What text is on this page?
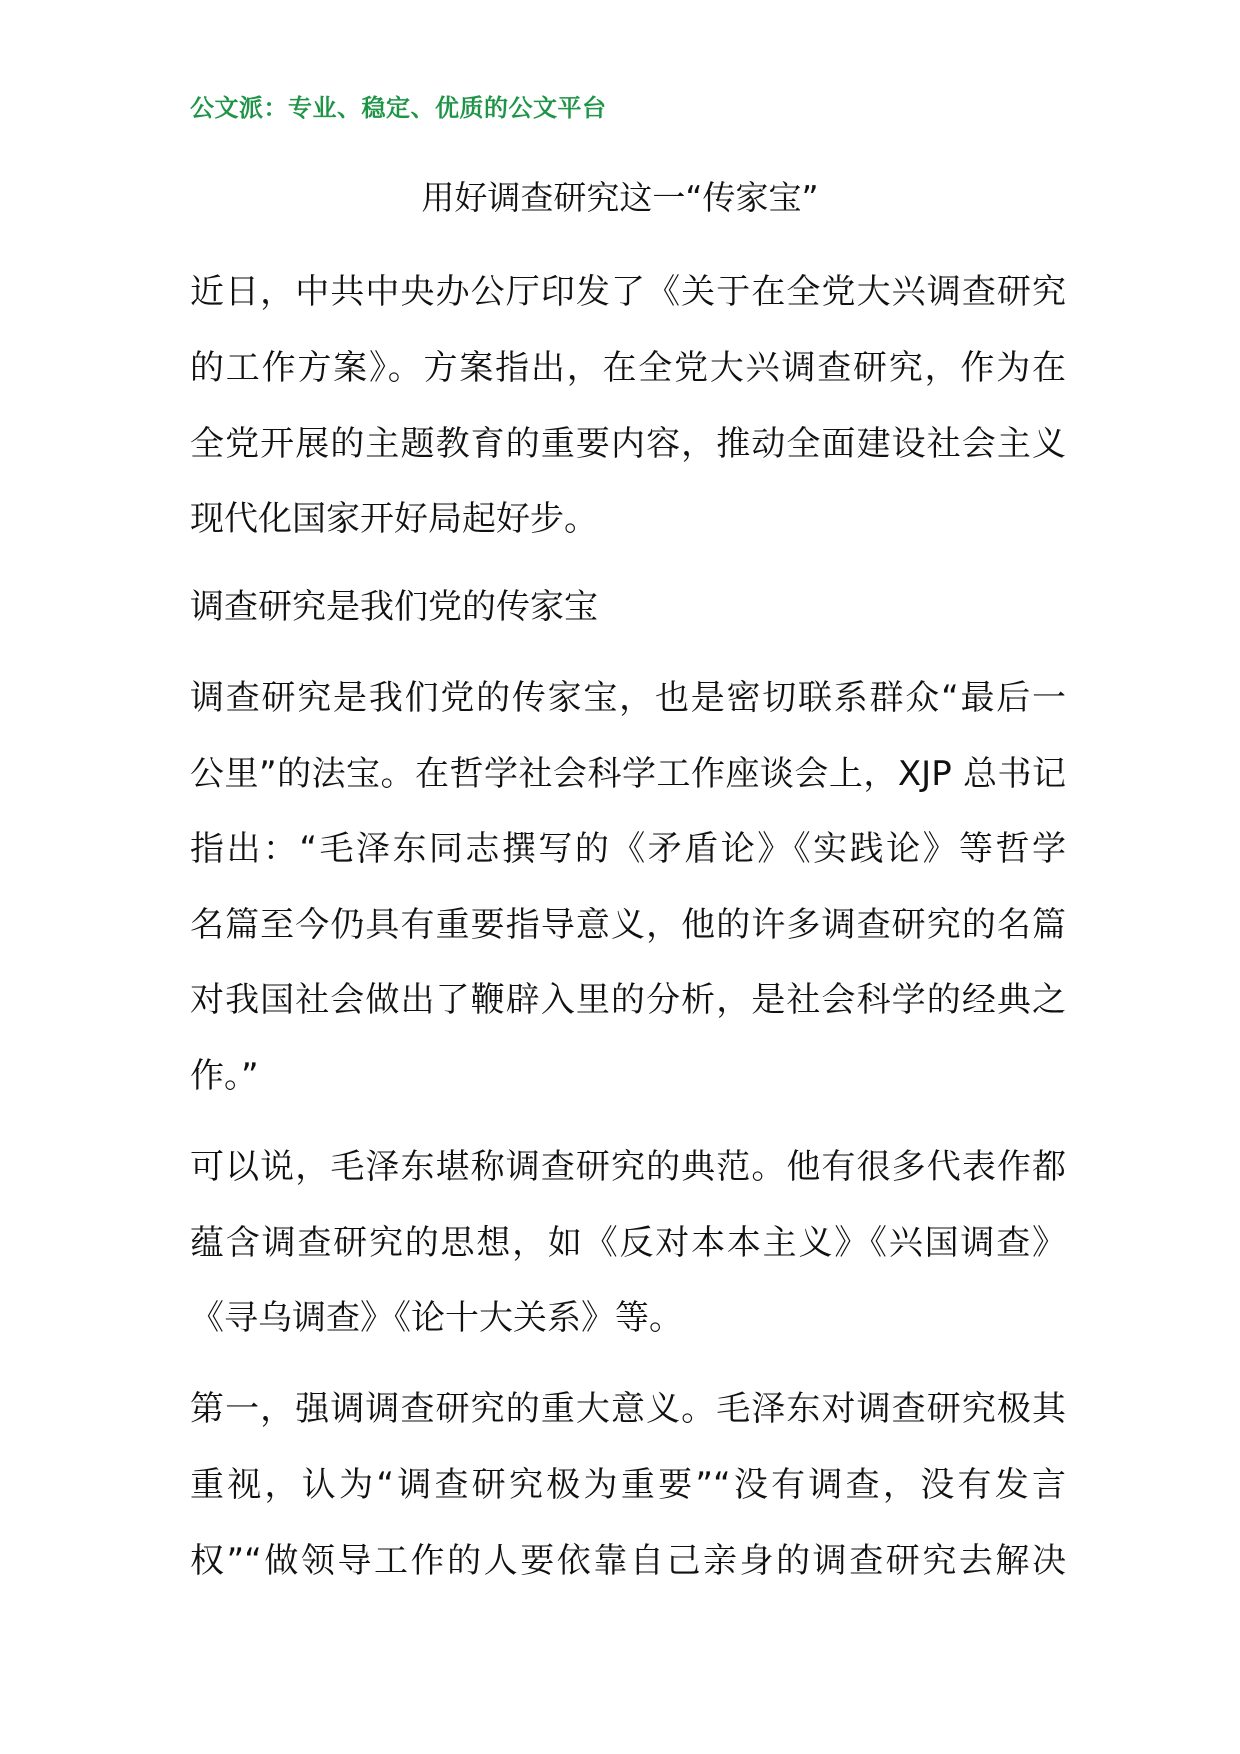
公文派：专业、稳定、优质的公文平台
用好调查研究这一“传家宝”
近日，中共中央办公厅印发了《关于在全党大兴调查研究
的工作方案》。方案指出，在全党大兴调查研究，作为在
全党开展的主题教育的重要内容，推动全面建设社会主义
现代化国家开好局起好步。
调查研究是我们党的传家宝
调查研究是我们党的传家宝，也是密切联系群众“最后一
公里”的法宝。在哲学社会科学工作座谈会上，XJP 总书记
指出：“毛泽东同志撰写的《矛盾论》《实践论》等哲学
名篇至今仍具有重要指导意义，他的许多调查研究的名篇
对我国社会做出了鞭辟入里的分析，是社会科学的经典之
作。”
可以说，毛泽东堪称调查研究的典范。他有很多代表作都
蕴含调查研究的思想，如《反对本本主义》《兴国调查》
《寻乌调查》《论十大关系》等。
第一，强调调查研究的重大意义。毛泽东对调查研究极其
重视，认为“调查研究极为重要”“没有调查，没有发言
权”“做领导工作的人要依靠自己亲身的调查研究去解决
